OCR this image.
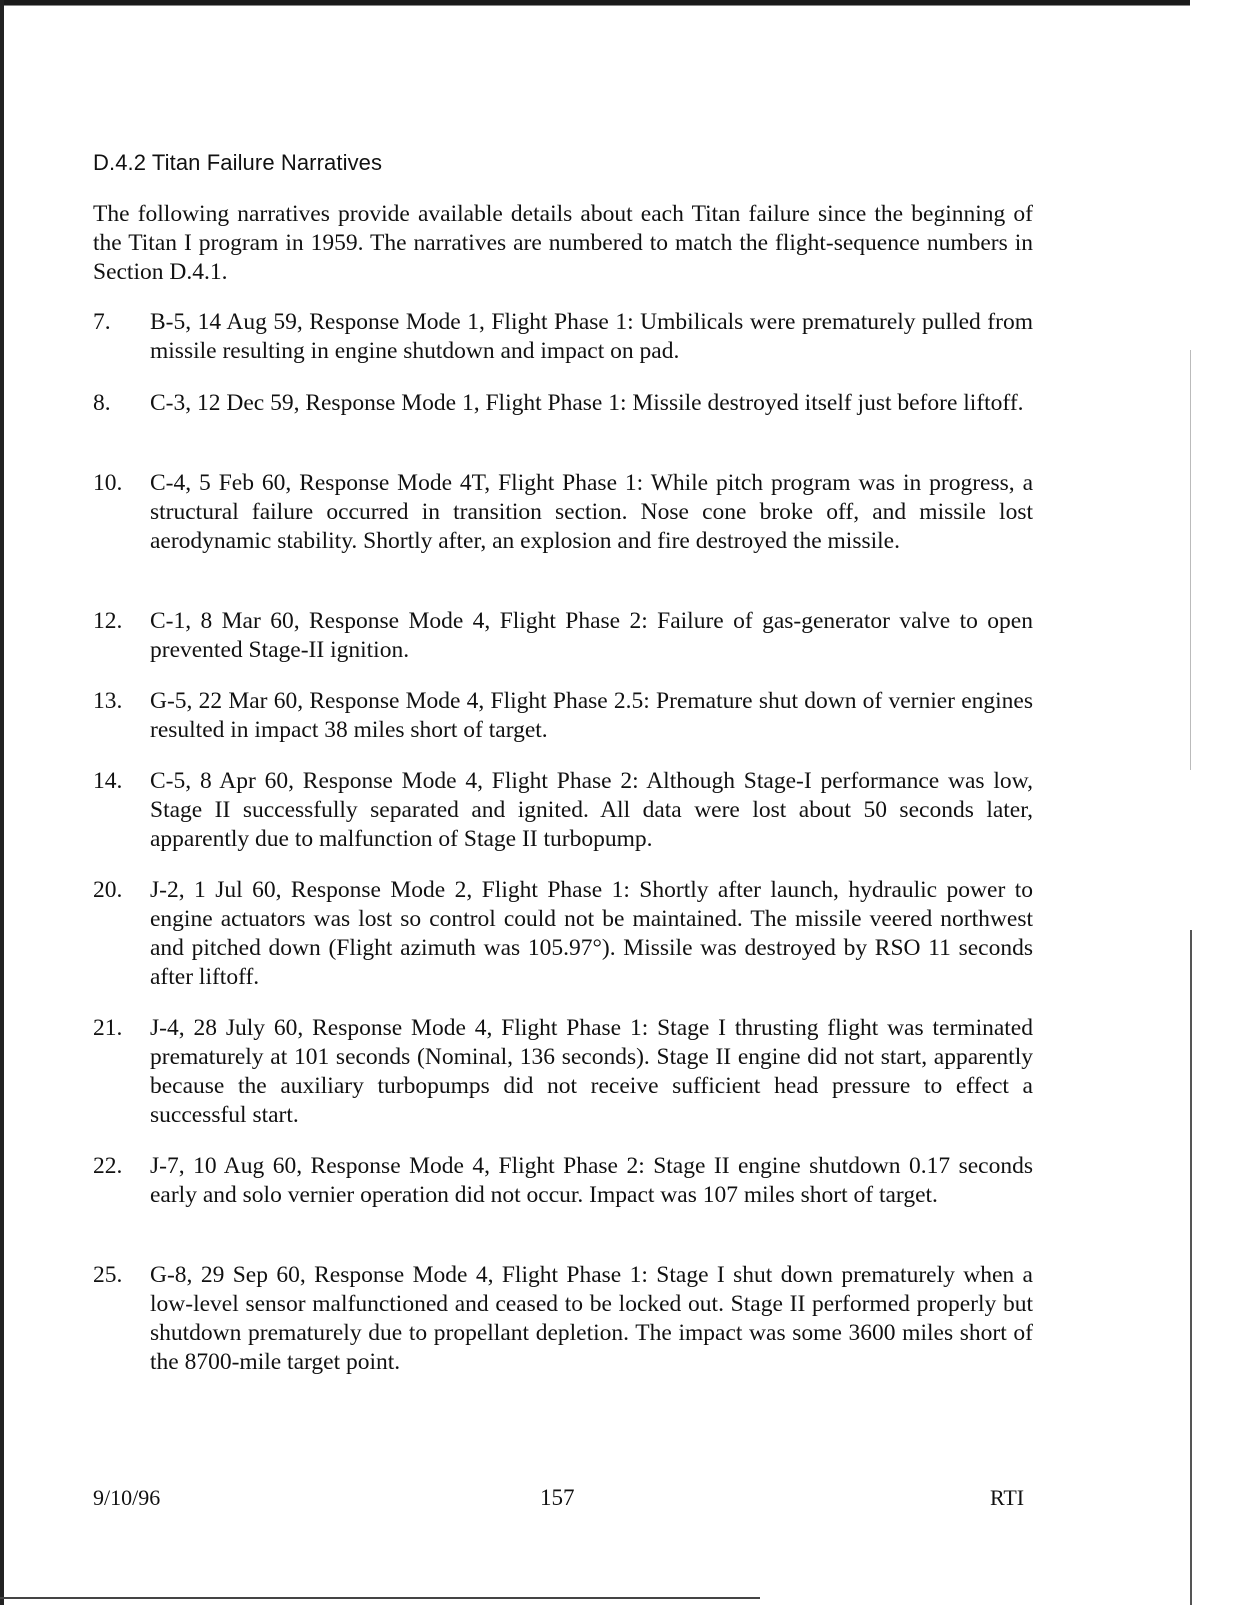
D.4.2 Titan Failure Narratives
The following narratives provide available details about each Titan failure since the beginning of the Titan I program in 1959. The narratives are numbered to match the flight-sequence numbers in Section D.4.1.
7.	B-5, 14 Aug 59, Response Mode 1, Flight Phase 1: Umbilicals were prematurely pulled from missile resulting in engine shutdown and impact on pad.
8.	C-3, 12 Dec 59, Response Mode 1, Flight Phase 1: Missile destroyed itself just before liftoff.
10.	C-4, 5 Feb 60, Response Mode 4T, Flight Phase 1: While pitch program was in progress, a structural failure occurred in transition section. Nose cone broke off, and missile lost aerodynamic stability. Shortly after, an explosion and fire destroyed the missile.
12.	C-1, 8 Mar 60, Response Mode 4, Flight Phase 2: Failure of gas-generator valve to open prevented Stage-II ignition.
13.	G-5, 22 Mar 60, Response Mode 4, Flight Phase 2.5: Premature shut down of vernier engines resulted in impact 38 miles short of target.
14.	C-5, 8 Apr 60, Response Mode 4, Flight Phase 2: Although Stage-I performance was low, Stage II successfully separated and ignited. All data were lost about 50 seconds later, apparently due to malfunction of Stage II turbopump.
20.	J-2, 1 Jul 60, Response Mode 2, Flight Phase 1: Shortly after launch, hydraulic power to engine actuators was lost so control could not be maintained. The missile veered northwest and pitched down (Flight azimuth was 105.97°). Missile was destroyed by RSO 11 seconds after liftoff.
21.	J-4, 28 July 60, Response Mode 4, Flight Phase 1: Stage I thrusting flight was terminated prematurely at 101 seconds (Nominal, 136 seconds). Stage II engine did not start, apparently because the auxiliary turbopumps did not receive sufficient head pressure to effect a successful start.
22.	J-7, 10 Aug 60, Response Mode 4, Flight Phase 2: Stage II engine shutdown 0.17 seconds early and solo vernier operation did not occur. Impact was 107 miles short of target.
25.	G-8, 29 Sep 60, Response Mode 4, Flight Phase 1: Stage I shut down prematurely when a low-level sensor malfunctioned and ceased to be locked out. Stage II performed properly but shutdown prematurely due to propellant depletion. The impact was some 3600 miles short of the 8700-mile target point.
9/10/96	157	RTI
